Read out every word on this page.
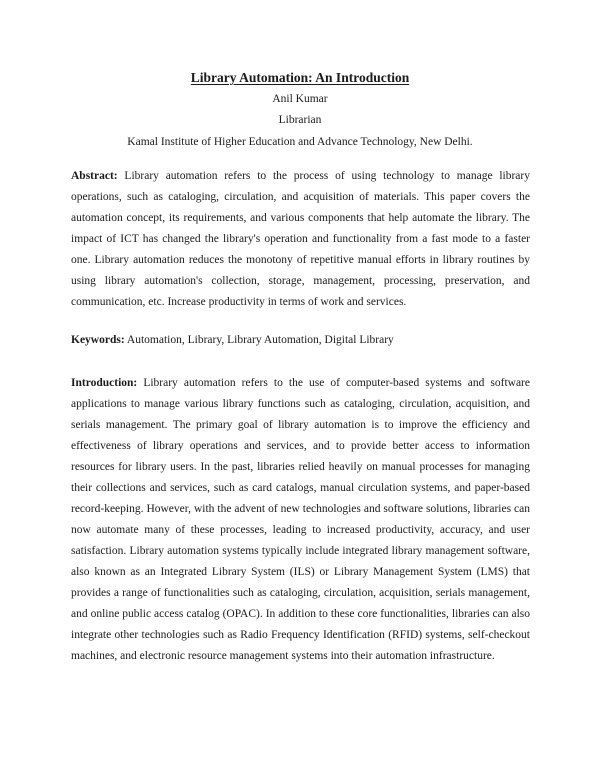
Library Automation: An Introduction
Anil Kumar
Librarian
Kamal Institute of Higher Education and Advance Technology, New Delhi.

Abstract: Library automation refers to the process of using technology to manage library operations, such as cataloging, circulation, and acquisition of materials. This paper covers the automation concept, its requirements, and various components that help automate the library. The impact of ICT has changed the library's operation and functionality from a fast mode to a faster one. Library automation reduces the monotony of repetitive manual efforts in library routines by using library automation's collection, storage, management, processing, preservation, and communication, etc. Increase productivity in terms of work and services.

Keywords: Automation, Library, Library Automation, Digital Library

Introduction: Library automation refers to the use of computer-based systems and software applications to manage various library functions such as cataloging, circulation, acquisition, and serials management. The primary goal of library automation is to improve the efficiency and effectiveness of library operations and services, and to provide better access to information resources for library users. In the past, libraries relied heavily on manual processes for managing their collections and services, such as card catalogs, manual circulation systems, and paper-based record-keeping. However, with the advent of new technologies and software solutions, libraries can now automate many of these processes, leading to increased productivity, accuracy, and user satisfaction. Library automation systems typically include integrated library management software, also known as an Integrated Library System (ILS) or Library Management System (LMS) that provides a range of functionalities such as cataloging, circulation, acquisition, serials management, and online public access catalog (OPAC). In addition to these core functionalities, libraries can also integrate other technologies such as Radio Frequency Identification (RFID) systems, self-checkout machines, and electronic resource management systems into their automation infrastructure.
